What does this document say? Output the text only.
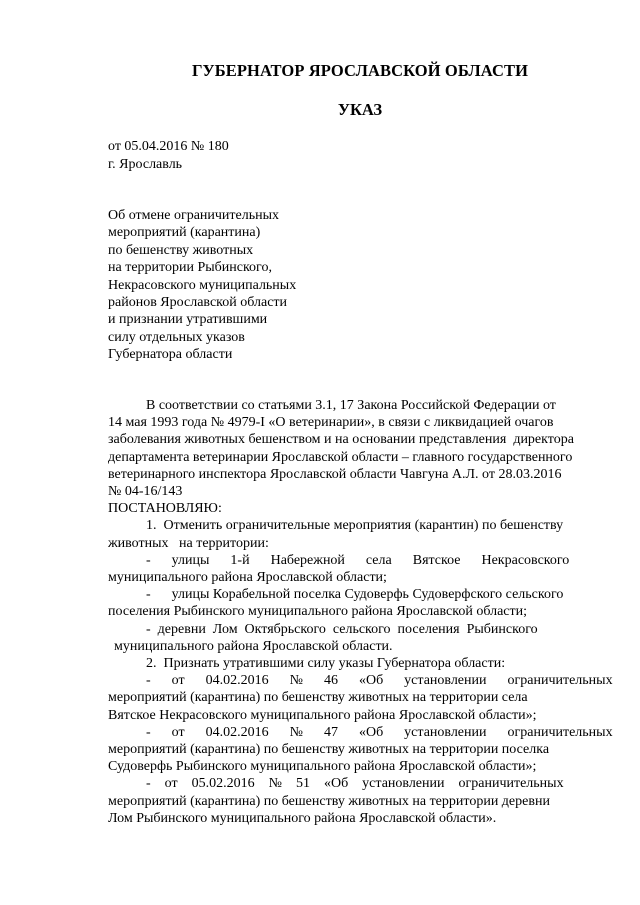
ГУБЕРНАТОР ЯРОСЛАВСКОЙ ОБЛАСТИ
УКАЗ
от 05.04.2016 № 180
г. Ярославль
Об отмене ограничительных
мероприятий (карантина)
по бешенству животных
на территории Рыбинского,
Некрасовского муниципальных
районов Ярославской области
и признании утратившими
силу отдельных указов
Губернатора области
В соответствии со статьями 3.1, 17 Закона Российской Федерации от
14 мая 1993 года № 4979-I «О ветеринарии», в связи с ликвидацией очагов
заболевания животных бешенством и на основании представления  директора
департамента ветеринарии Ярославской области – главного государственного
ветеринарного инспектора Ярославской области Чавгуна А.Л. от 28.03.2016
№ 04-16/143
ПОСТАНОВЛЯЮ:
1.  Отменить ограничительные мероприятия (карантин) по бешенству
животных   на территории:
-      улицы      1-й      Набережной      села      Вятское      Некрасовского
муниципального района Ярославской области;
-      улицы Корабельной поселка Судоверфь Судоверфского сельского
поселения Рыбинского муниципального района Ярославской области;
-  деревни  Лом  Октябрьского  сельского  поселения  Рыбинского
муниципального района Ярославской области.
2.  Признать утратившими силу указы Губернатора области:
-      от      04.02.2016      №      46      «Об      установлении      ограничительных
мероприятий (карантина) по бешенству животных на территории села
Вятское Некрасовского муниципального района Ярославской области»;
-      от      04.02.2016      №      47      «Об      установлении      ограничительных
мероприятий (карантина) по бешенству животных на территории поселка
Судоверфь Рыбинского муниципального района Ярославской области»;
-    от    05.02.2016    №    51    «Об    установлении    ограничительных
мероприятий (карантина) по бешенству животных на территории деревни
Лом Рыбинского муниципального района Ярославской области».
